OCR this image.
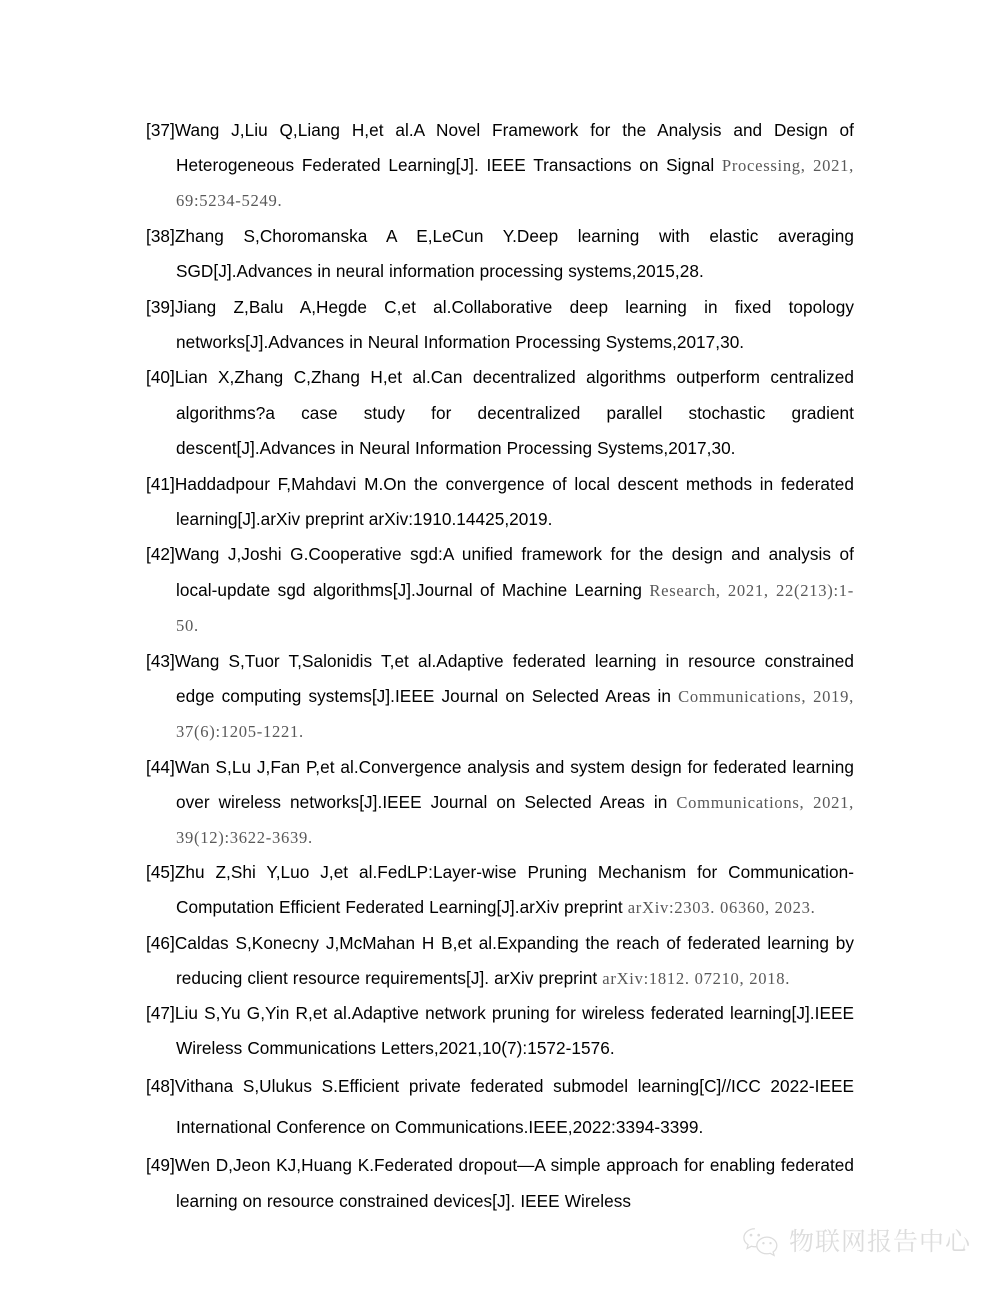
[37]Wang J,Liu Q,Liang H,et al.A Novel Framework for the Analysis and Design of Heterogeneous Federated Learning[J]. IEEE Transactions on Signal Processing, 2021, 69:5234-5249.

[38]Zhang S,Choromanska A E,LeCun Y.Deep learning with elastic averaging SGD[J].Advances in neural information processing systems,2015,28.

[39]Jiang Z,Balu A,Hegde C,et al.Collaborative deep learning in fixed topology networks[J].Advances in Neural Information Processing Systems,2017,30.

[40]Lian X,Zhang C,Zhang H,et al.Can decentralized algorithms outperform centralized algorithms?a case study for decentralized parallel stochastic gradient descent[J].Advances in Neural Information Processing Systems,2017,30.

[41]Haddadpour F,Mahdavi M.On the convergence of local descent methods in federated learning[J].arXiv preprint arXiv:1910.14425,2019.

[42]Wang J,Joshi G.Cooperative sgd:A unified framework for the design and analysis of local-update sgd algorithms[J].Journal of Machine Learning Research, 2021, 22(213):1-50.

[43]Wang S,Tuor T,Salonidis T,et al.Adaptive federated learning in resource constrained edge computing systems[J].IEEE Journal on Selected Areas in Communications, 2019, 37(6):1205-1221.

[44]Wan S,Lu J,Fan P,et al.Convergence analysis and system design for federated learning over wireless networks[J].IEEE Journal on Selected Areas in Communications, 2021, 39(12):3622-3639.

[45]Zhu Z,Shi Y,Luo J,et al.FedLP:Layer-wise Pruning Mechanism for Communication-Computation Efficient Federated Learning[J].arXiv preprint arXiv:2303. 06360, 2023.

[46]Caldas S,Konecny J,McMahan H B,et al.Expanding the reach of federated learning by reducing client resource requirements[J]. arXiv preprint arXiv:1812. 07210, 2018.

[47]Liu S,Yu G,Yin R,et al.Adaptive network pruning for wireless federated learning[J].IEEE Wireless Communications Letters,2021,10(7):1572-1576.

[48]Vithana S,Ulukus S.Efficient private federated submodel learning[C]//ICC 2022-IEEE International Conference on Communications.IEEE,2022:3394-3399.

[49]Wen D,Jeon KJ,Huang K.Federated dropout—A simple approach for enabling federated learning on resource constrained devices[J]. IEEE Wireless

物联网报告中心
